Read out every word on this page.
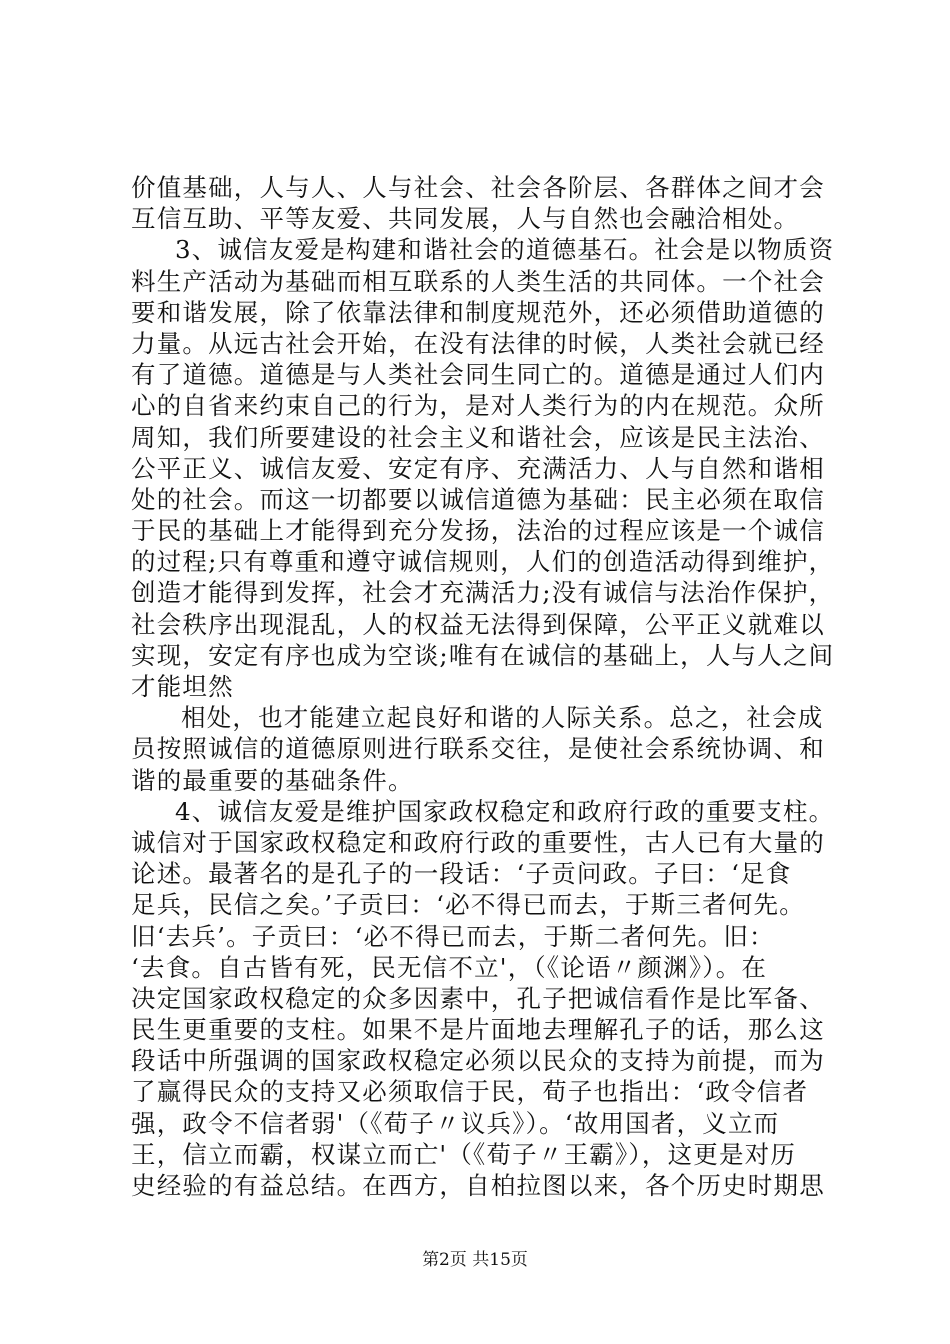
价值基础，人与人、人与社会、社会各阶层、各群体之间才会
互信互助、平等友爱、共同发展，人与自然也会融洽相处。
3、诚信友爱是构建和谐社会的道德基石。社会是以物质资
料生产活动为基础而相互联系的人类生活的共同体。一个社会
要和谐发展，除了依靠法律和制度规范外，还必须借助道德的
力量。从远古社会开始，在没有法律的时候，人类社会就已经
有了道德。道德是与人类社会同生同亡的。道德是通过人们内
心的自省来约束自己的行为，是对人类行为的内在规范。众所
周知，我们所要建设的社会主义和谐社会，应该是民主法治、
公平正义、诚信友爱、安定有序、充满活力、人与自然和谐相
处的社会。而这一切都要以诚信道德为基础：民主必须在取信
于民的基础上才能得到充分发扬，法治的过程应该是一个诚信
的过程;只有尊重和遵守诚信规则，人们的创造活动得到维护，
创造才能得到发挥，社会才充满活力;没有诚信与法治作保护，
社会秩序出现混乱，人的权益无法得到保障，公平正义就难以
实现，安定有序也成为空谈;唯有在诚信的基础上，人与人之间
才能坦然
相处，也才能建立起良好和谐的人际关系。总之，社会成
员按照诚信的道德原则进行联系交往，是使社会系统协调、和
谐的最重要的基础条件。
4、诚信友爱是维护国家政权稳定和政府行政的重要支柱。
诚信对于国家政权稳定和政府行政的重要性，古人已有大量的
论述。最著名的是孔子的一段话：‘子贡问政。子曰：‘足食
足兵，民信之矣。’子贡曰：‘必不得已而去，于斯三者何先。
旧‘去兵’。子贡曰：‘必不得已而去，于斯二者何先。旧：
‘去食。自古皆有死，民无信不立'，（《论语〃颜渊》）。在
决定国家政权稳定的众多因素中，孔子把诚信看作是比军备、
民生更重要的支柱。如果不是片面地去理解孔子的话，那么这
段话中所强调的国家政权稳定必须以民众的支持为前提，而为
了赢得民众的支持又必须取信于民，荀子也指出：‘政令信者
强，政令不信者弱'（《荀子〃议兵》）。‘故用国者，义立而
王，信立而霸，权谋立而亡'（《荀子〃王霸》），这更是对历
史经验的有益总结。在西方，自柏拉图以来，各个历史时期思
第2页 共15页
